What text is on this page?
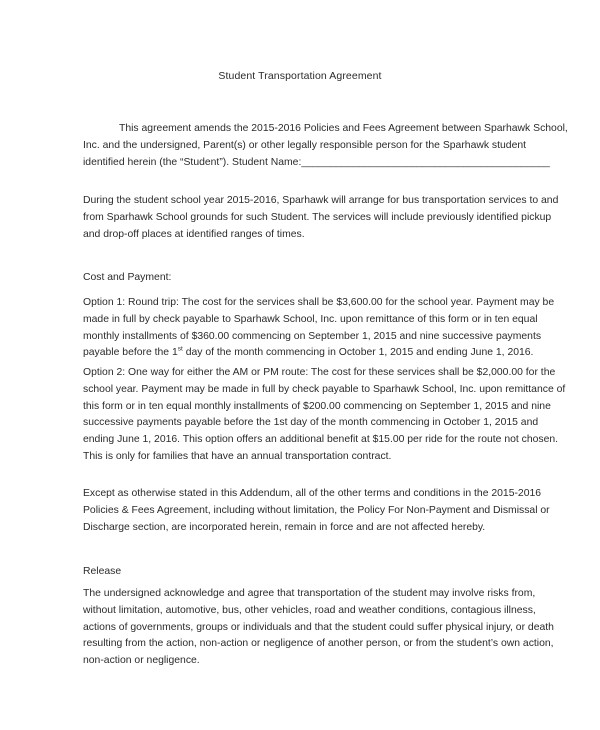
Student Transportation Agreement

This agreement amends the 2015-2016 Policies and Fees Agreement between Sparhawk School,
Inc. and the undersigned, Parent(s) or other legally responsible person for the Sparhawk student
identified herein (the “Student”). Student Name:___________________________________________

During the student school year 2015-2016, Sparhawk will arrange for bus transportation services to and
from Sparhawk School grounds for such Student. The services will include previously identified pickup
and drop-off places at identified ranges of times.

Cost and Payment:

Option 1: Round trip: The cost for the services shall be $3,600.00 for the school year. Payment may be
made in full by check payable to Sparhawk School, Inc. upon remittance of this form or in ten equal
monthly installments of $360.00 commencing on September 1, 2015 and nine successive payments
payable before the 1st day of the month commencing in October 1, 2015 and ending June 1, 2016.

Option 2: One way for either the AM or PM route: The cost for these services shall be $2,000.00 for the
school year. Payment may be made in full by check payable to Sparhawk School, Inc. upon remittance of
this form or in ten equal monthly installments of $200.00 commencing on September 1, 2015 and nine
successive payments payable before the 1st day of the month commencing in October 1, 2015 and
ending June 1, 2016. This option offers an additional benefit at $15.00 per ride for the route not chosen.
This is only for families that have an annual transportation contract.

Except as otherwise stated in this Addendum, all of the other terms and conditions in the 2015-2016
Policies & Fees Agreement, including without limitation, the Policy For Non-Payment and Dismissal or
Discharge section, are incorporated herein, remain in force and are not affected hereby.

Release

The undersigned acknowledge and agree that transportation of the student may involve risks from,
without limitation, automotive, bus, other vehicles, road and weather conditions, contagious illness,
actions of governments, groups or individuals and that the student could suffer physical injury, or death
resulting from the action, non-action or negligence of another person, or from the student’s own action,
non-action or negligence.
